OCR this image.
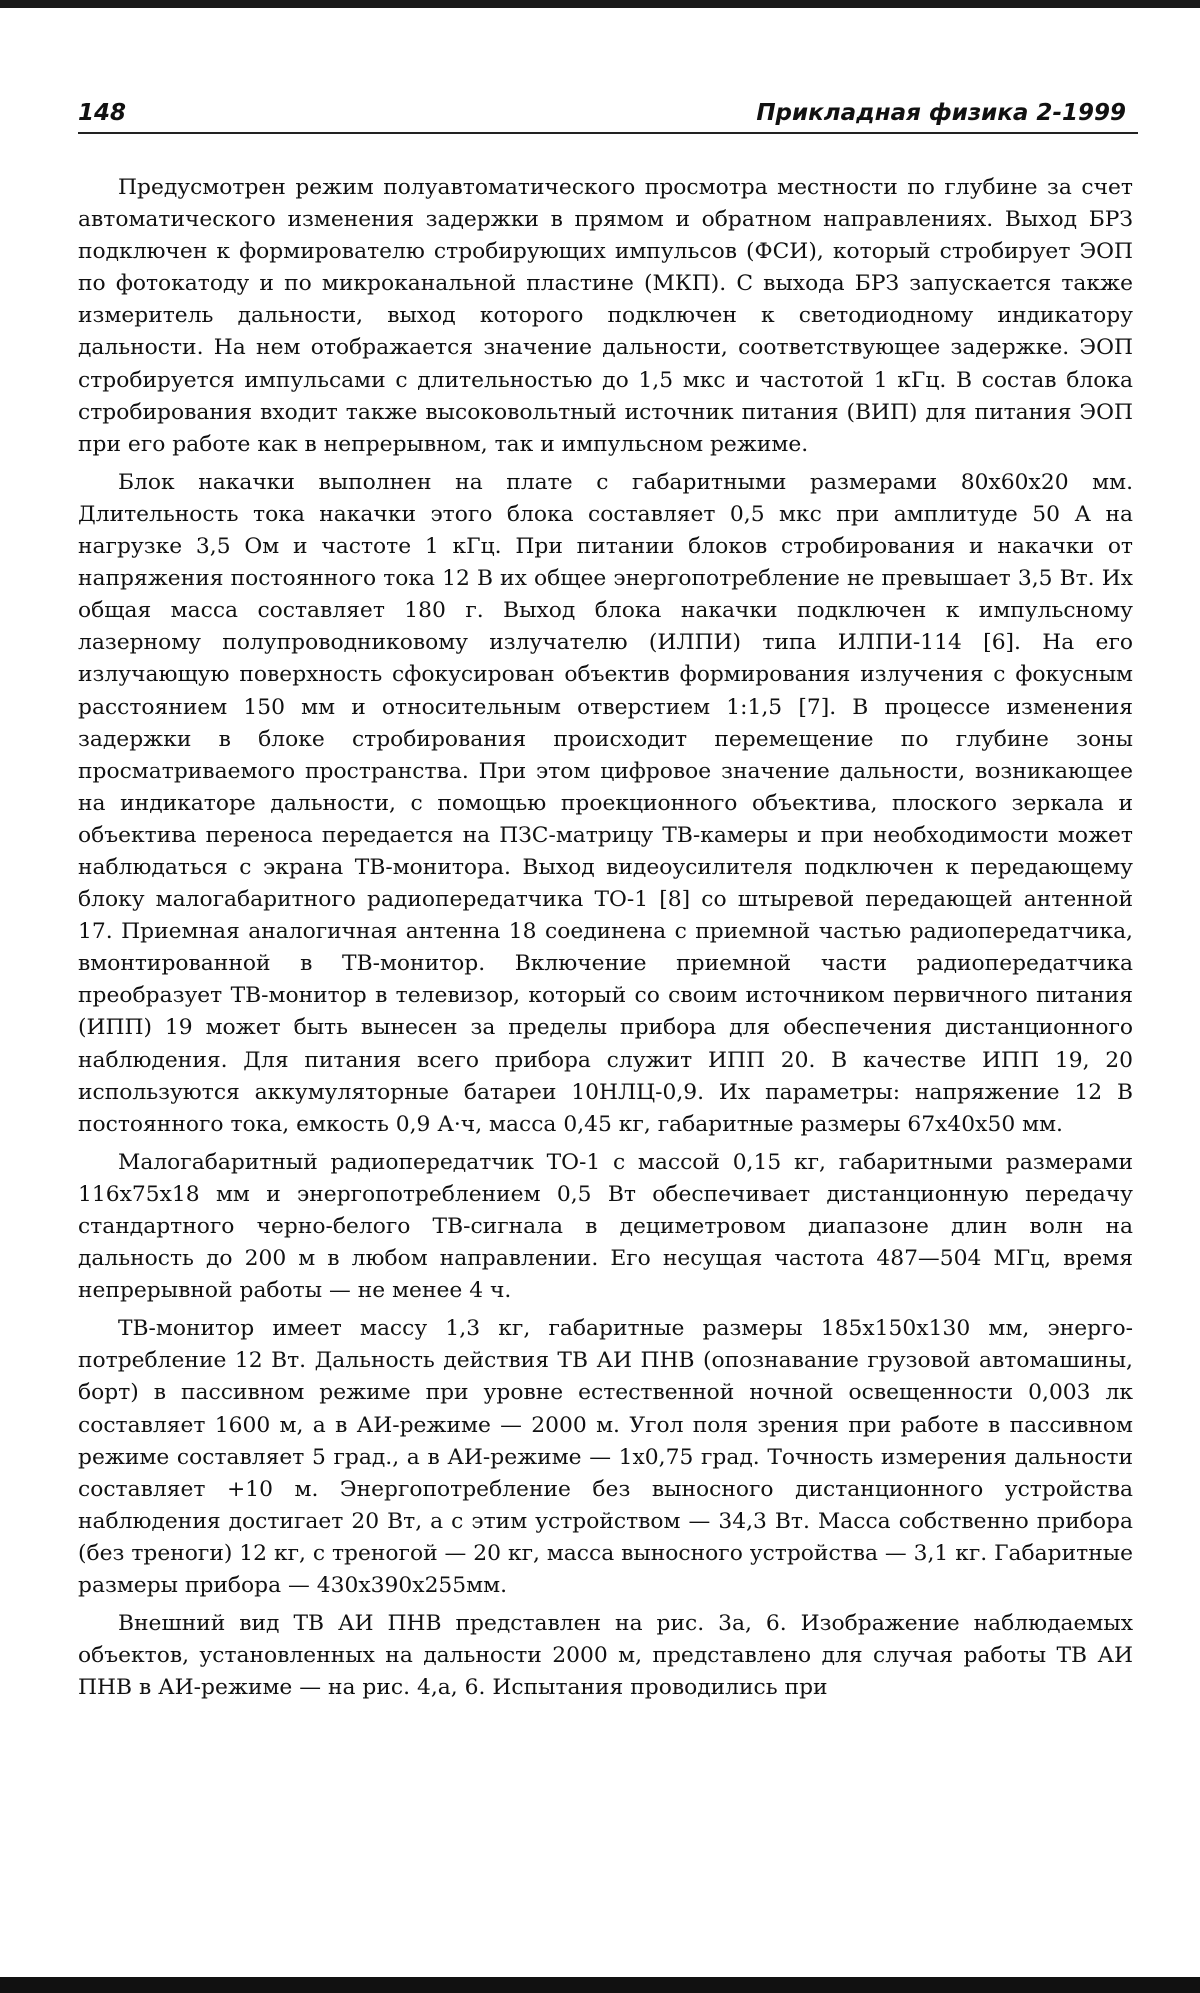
148	Прикладная физика 2-1999

Предусмотрен режим полуавтоматического просмотра местности по глубине за счет автоматического изменения задержки в прямом и обратном направлениях. Выход БРЗ подключен к формирователю стробирующих импульсов (ФСИ), который стробирует ЭОП по фотокатоду и по микроканальной пластине (МКП). С выхода БРЗ запускается также измеритель дальности, выход которого подключен к светодиодному индикатору дальности. На нем отображается значение дальности, соответствующее задержке. ЭОП стробируется импульсами с длительностью до 1,5 мкс и частотой 1 кГц. В состав блока стробирования входит также высоковольтный источник питания (ВИП) для питания ЭОП при его работе как в непрерывном, так и импульсном режиме.

Блок накачки выполнен на плате с габаритными размерами 80x60x20 мм. Длительность тока накачки этого блока составляет 0,5 мкс при амплитуде 50 А на нагрузке 3,5 Ом и частоте 1 кГц. При питании блоков стробирования и накачки от напряжения постоянного тока 12 В их общее энергопотребление не превышает 3,5 Вт. Их общая масса составляет 180 г. Выход блока накачки подключен к импульсному лазерному полупроводниковому излучателю (ИЛПИ) типа ИЛПИ-114 [6]. На его излучающую поверхность сфокусирован объектив формирования излучения с фокусным расстоянием 150 мм и относительным отверстием 1:1,5 [7]. В процессе изменения задержки в блоке стробирования происходит перемещение по глубине зоны просматриваемого пространства. При этом цифровое значение дальности, возникающее на индикаторе дальности, с помощью проекционного объектива, плоского зеркала и объектива переноса передается на ПЗС-матрицу ТВ-камеры и при необходимости может наблюдаться с экрана ТВ-монитора. Выход видеоусилителя подключен к передающему блоку малогабаритного радиопередатчика ТО-1 [8] со штыревой передающей антенной 17. Приемная аналогичная антенна 18 соединена с приемной частью радиопередатчика, вмонтированной в ТВ-монитор. Включение приемной части радиопередатчика преобразует ТВ-монитор в телевизор, который со своим источником первичного питания (ИПП) 19 может быть вынесен за пределы прибора для обеспечения дистанционного наблюдения. Для питания всего прибора служит ИПП 20. В качестве ИПП 19, 20 используются аккумуляторные батареи 10НЛЦ-0,9. Их параметры: напряжение 12 В постоянного тока, емкость 0,9 А·ч, масса 0,45 кг, габаритные размеры 67x40x50 мм.

Малогабаритный радиопередатчик ТО-1 с массой 0,15 кг, габаритными размерами 116x75x18 мм и энергопотреблением 0,5 Вт обеспечивает дистанционную передачу стандартного черно-белого ТВ-сигнала в дециметровом диапазоне длин волн на дальность до 200 м в любом направлении. Его несущая частота 487—504 МГц, время непрерывной работы — не менее 4 ч.

ТВ-монитор имеет массу 1,3 кг, габаритные размеры 185x150x130 мм, энергопотребление 12 Вт. Дальность действия ТВ АИ ПНВ (опознавание грузовой автомашины, борт) в пассивном режиме при уровне естественной ночной освещенности 0,003 лк составляет 1600 м, а в АИ-режиме — 2000 м. Угол поля зрения при работе в пассивном режиме составляет 5 град., а в АИ-режиме — 1x0,75 град. Точность измерения дальности составляет +10 м. Энергопотребление без выносного дистанционного устройства наблюдения достигает 20 Вт, а с этим устройством — 34,3 Вт. Масса собственно прибора (без треноги) 12 кг, с треногой — 20 кг, масса выносного устройства — 3,1 кг. Габаритные размеры прибора — 430x390x255мм.

Внешний вид ТВ АИ ПНВ представлен на рис. 3а, 6. Изображение наблюдаемых объектов, установленных на дальности 2000 м, представлено для случая работы ТВ АИ ПНВ в АИ-режиме — на рис. 4,а, 6. Испытания проводились при
